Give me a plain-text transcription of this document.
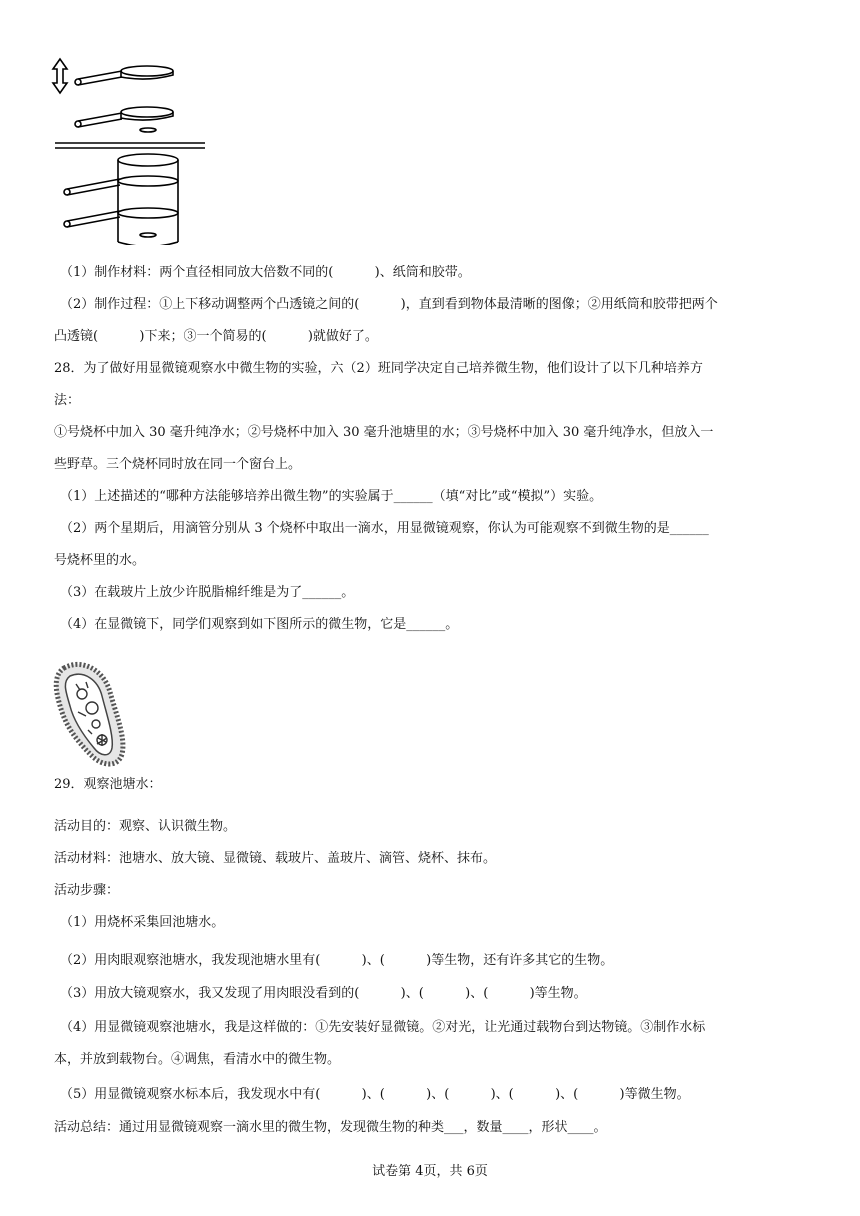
（1）制作材料：两个直径相同放大倍数不同的(          )、纸筒和胶带。
（2）制作过程：①上下移动调整两个凸透镜之间的(          )，直到看到物体最清晰的图像；②用纸筒和胶带把两个
凸透镜(          )下来；③一个简易的(          )就做好了。
28．为了做好用显微镜观察水中微生物的实验，六（2）班同学决定自己培养微生物，他们设计了以下几种培养方
法：
①号烧杯中加入 30 毫升纯净水；②号烧杯中加入 30 毫升池塘里的水；③号烧杯中加入 30 毫升纯净水，但放入一
些野草。三个烧杯同时放在同一个窗台上。
（1）上述描述的“哪种方法能够培养出微生物”的实验属于______（填“对比”或“模拟”）实验。
（2）两个星期后，用滴管分别从 3 个烧杯中取出一滴水，用显微镜观察，你认为可能观察不到微生物的是______
号烧杯里的水。
（3）在载玻片上放少许脱脂棉纤维是为了______。
（4）在显微镜下，同学们观察到如下图所示的微生物，它是______。
29．观察池塘水：
活动目的：观察、认识微生物。
活动材料：池塘水、放大镜、显微镜、载玻片、盖玻片、滴管、烧杯、抹布。
活动步骤：
（1）用烧杯采集回池塘水。
（2）用肉眼观察池塘水，我发现池塘水里有(          )、(          )等生物，还有许多其它的生物。
（3）用放大镜观察水，我又发现了用肉眼没看到的(          )、(          )、(          )等生物。
（4）用显微镜观察池塘水，我是这样做的：①先安装好显微镜。②对光，让光通过载物台到达物镜。③制作水标
本，并放到载物台。④调焦，看清水中的微生物。
（5）用显微镜观察水标本后，我发现水中有(          )、(          )、(          )、(          )、(          )等微生物。
活动总结：通过用显微镜观察一滴水里的微生物，发现微生物的种类___，数量____，形状____。
试卷第 4页，共 6页
